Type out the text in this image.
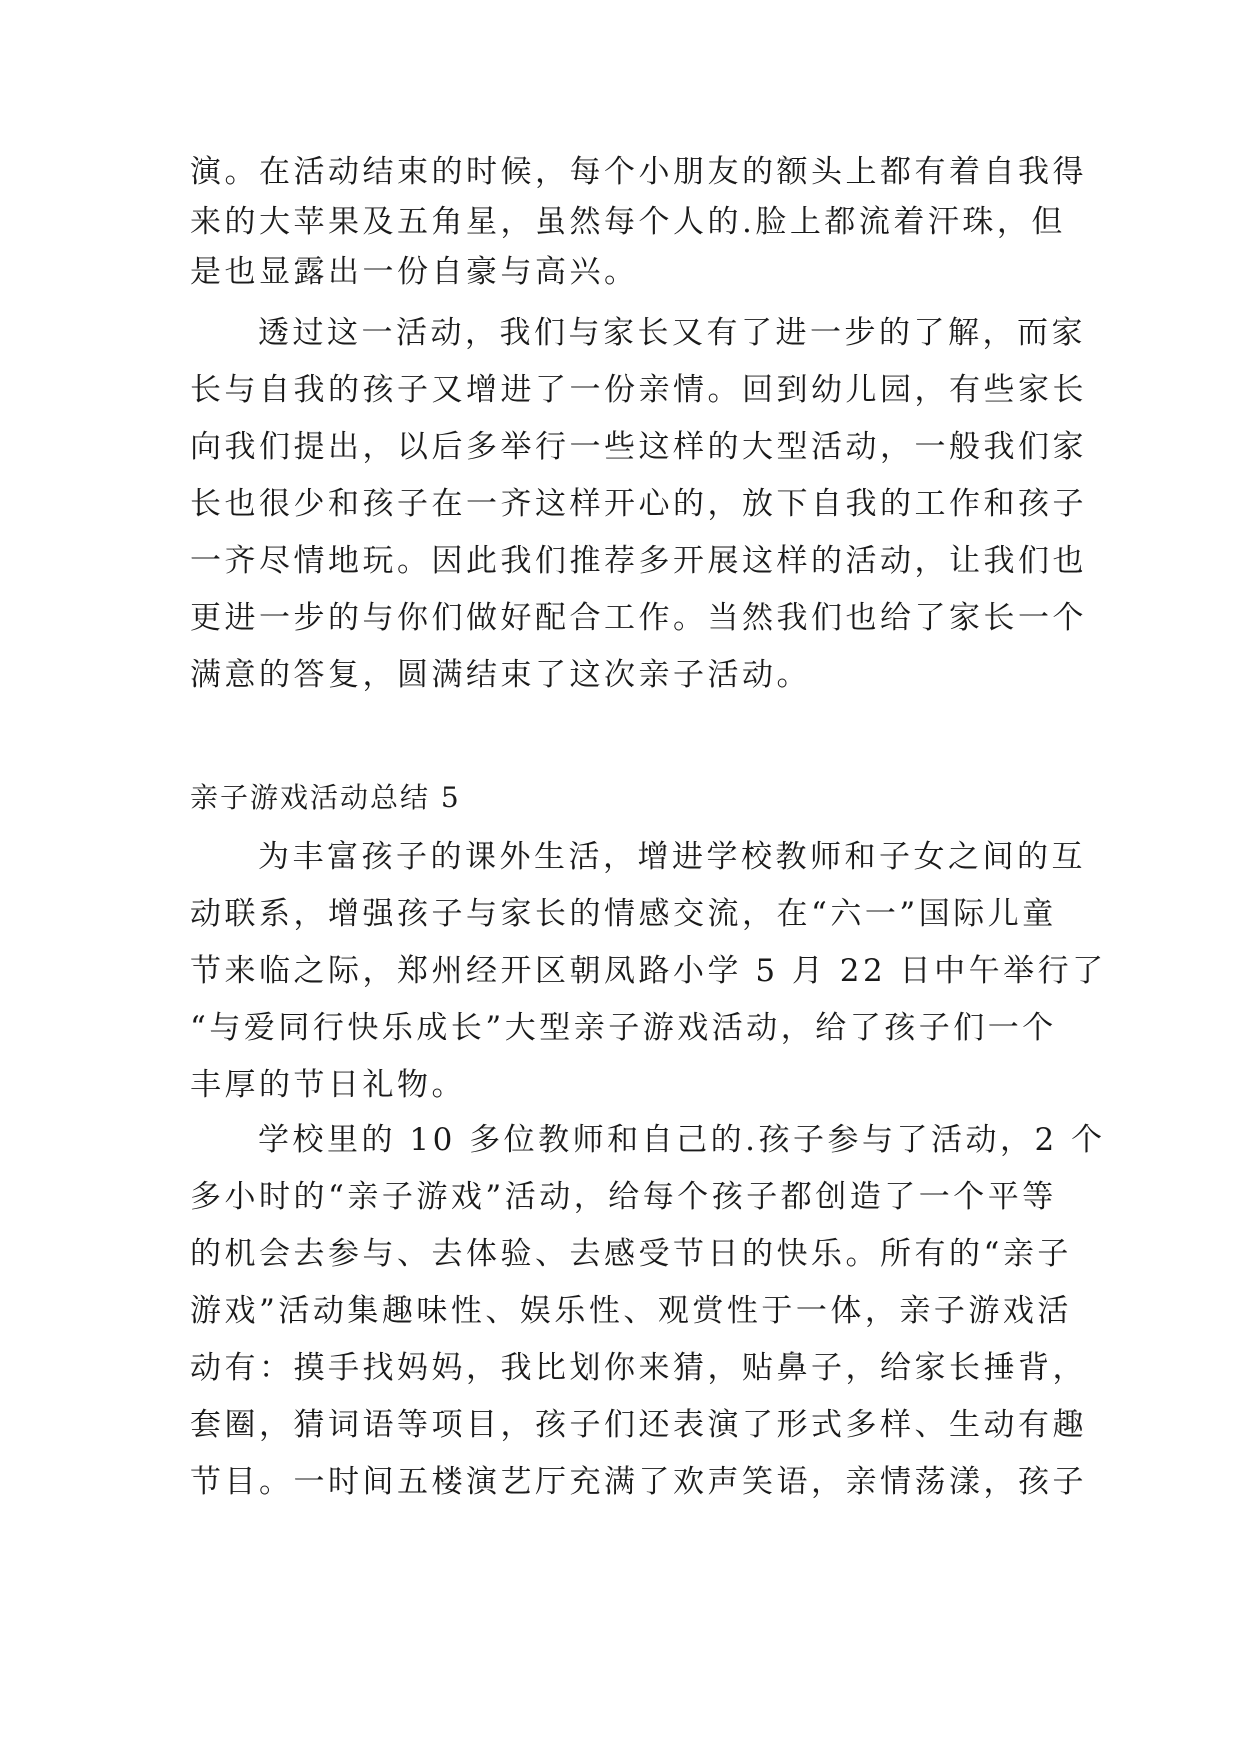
演。在活动结束的时候，每个小朋友的额头上都有着自我得
来的大苹果及五角星，虽然每个人的.脸上都流着汗珠，但
是也显露出一份自豪与高兴。
透过这一活动，我们与家长又有了进一步的了解，而家
长与自我的孩子又增进了一份亲情。回到幼儿园，有些家长
向我们提出，以后多举行一些这样的大型活动，一般我们家
长也很少和孩子在一齐这样开心的，放下自我的工作和孩子
一齐尽情地玩。因此我们推荐多开展这样的活动，让我们也
更进一步的与你们做好配合工作。当然我们也给了家长一个
满意的答复，圆满结束了这次亲子活动。
亲子游戏活动总结 5
为丰富孩子的课外生活，增进学校教师和子女之间的互
动联系，增强孩子与家长的情感交流，在“六一”国际儿童
节来临之际，郑州经开区朝凤路小学 5 月 22 日中午举行了
“与爱同行快乐成长”大型亲子游戏活动，给了孩子们一个
丰厚的节日礼物。
学校里的 10 多位教师和自己的.孩子参与了活动，2 个
多小时的“亲子游戏”活动，给每个孩子都创造了一个平等
的机会去参与、去体验、去感受节日的快乐。所有的“亲子
游戏”活动集趣味性、娱乐性、观赏性于一体，亲子游戏活
动有：摸手找妈妈，我比划你来猜，贴鼻子，给家长捶背，
套圈，猜词语等项目，孩子们还表演了形式多样、生动有趣
节目。一时间五楼演艺厅充满了欢声笑语，亲情荡漾，孩子
